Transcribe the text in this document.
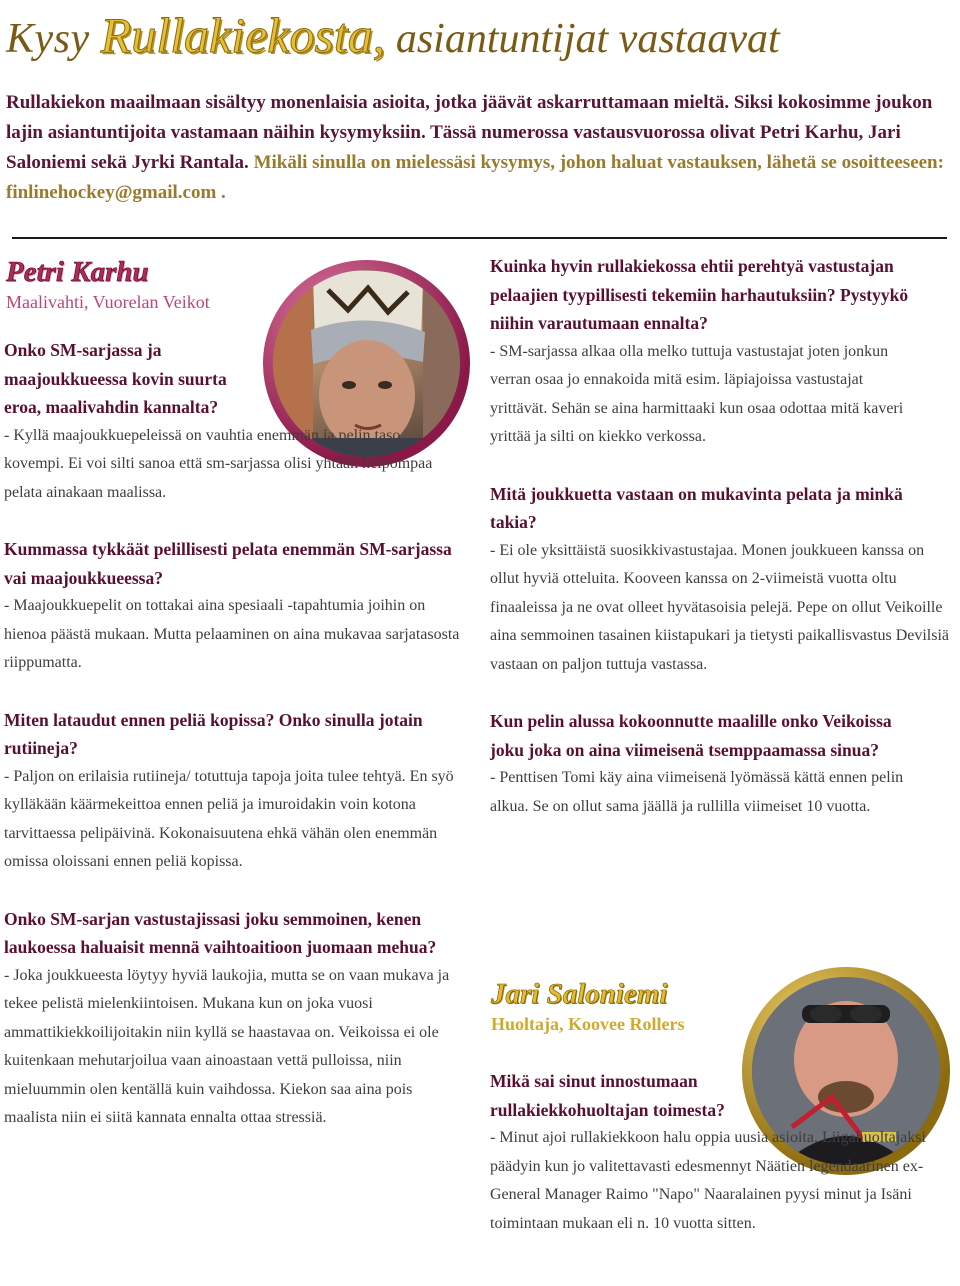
Kysy Rullakiekosta, asiantuntijat vastaavat
Rullakiekon maailmaan sisältyy monenlaisia asioita, jotka jäävät askarruttamaan mieltä. Siksi kokosimme joukon lajin asiantuntijoita vastamaan näihin kysymyksiin. Tässä numerossa vastausvuorossa olivat Petri Karhu, Jari Saloniemi sekä Jyrki Rantala. Mikäli sinulla on mielessäsi kysymys, johon haluat vastauksen, lähetä se osoitteeseen: finlinehockey@gmail.com .
Petri Karhu
Maalivahti, Vuorelan Veikot

Onko SM-sarjassa ja maajoukkueessa kovin suurta eroa, maalivahdin kannalta?

- Kyllä maajoukkuepeleissä on vauhtia enemmän ja pelin taso kovempi. Ei voi silti sanoa että sm-sarjassa olisi yhtään helpompaa pelata ainakaan maalissa.

Kummassa tykkäät pelillisesti pelata enemmän SM-sarjassa vai maajoukkueessa?

- Maajoukkuepelit on tottakai aina spesiaali -tapahtumia joihin on hienoa päästä mukaan. Mutta pelaaminen on aina mukavaa sarjatasosta riippumatta.

Miten lataudut ennen peliä kopissa? Onko sinulla jotain rutiineja?

- Paljon on erilaisia rutiineja/ totuttuja tapoja joita tulee tehtyä. En syö kylläkään käärmekeittoa ennen peliä ja imuroidakin voin kotona tarvittaessa pelipäivinä. Kokonaisuutena ehkä vähän olen enemmän omissa oloissani ennen peliä kopissa.

Onko SM-sarjan vastustajissasi joku semmoinen, kenen laukoessa haluaisit mennä vaihtoaitioon juomaan mehua?

- Joka joukkueesta löytyy hyviä laukojia, mutta se on vaan mukava ja tekee pelistä mielenkiintoisen. Mukana kun on joka vuosi ammattikiekkoilijoitakin niin kyllä se haastavaa on. Veikoissa ei ole kuitenkaan mehutarjoilua vaan ainoastaan vettä pulloissa, niin mieluummin olen kentällä kuin vaihdossa. Kiekon saa aina pois maalista niin ei siitä kannata ennalta ottaa stressiä.

Kuinka hyvin rullakiekossa ehtii perehtyä vastustajan pelaajien tyypillisesti tekemiin harhautuksiin? Pystyykö niihin varautumaan ennalta?

- SM-sarjassa alkaa olla melko tuttuja vastustajat joten jonkun verran osaa jo ennakoida mitä esim. läpiajoissa vastustajat yrittävät. Sehän se aina harmittaaki kun osaa odottaa mitä kaveri yrittää ja silti on kiekko verkossa.

Mitä joukkuetta vastaan on mukavinta pelata ja minkä takia?

- Ei ole yksittäistä suosikkivastustajaa. Monen joukkueen kanssa on ollut hyviä otteluita. Kooveen kanssa on 2-viimeistä vuotta oltu finaaleissa ja ne ovat olleet hyvätasoisia pelejä. Pepe on ollut Veikoille aina semmoinen tasainen kiistapukari ja tietysti paikallisvastus Devilsiä vastaan on paljon tuttuja vastassa.

Kun pelin alussa kokoonnutte maalille onko Veikoissa joku joka on aina viimeisenä tsemppaamassa sinua?

- Penttisen Tomi käy aina viimeisenä lyömässä kättä ennen pelin alkua. Se on ollut sama jäällä ja rullilla viimeiset 10 vuotta.

Jari Saloniemi
Huoltaja, Koovee Rollers

Mikä sai sinut innostumaan rullakiekkohuoltajan toimesta?

- Minut ajoi rullakiekkoon halu oppia uusia asioita. Liigahuoltajaksi päädyin kun jo valitettavasti edesmennyt Näätien legendaarinen ex-General Manager Raimo "Napo" Naaralainen pyysi minut ja Isäni toimintaan mukaan eli n. 10 vuotta sitten.
